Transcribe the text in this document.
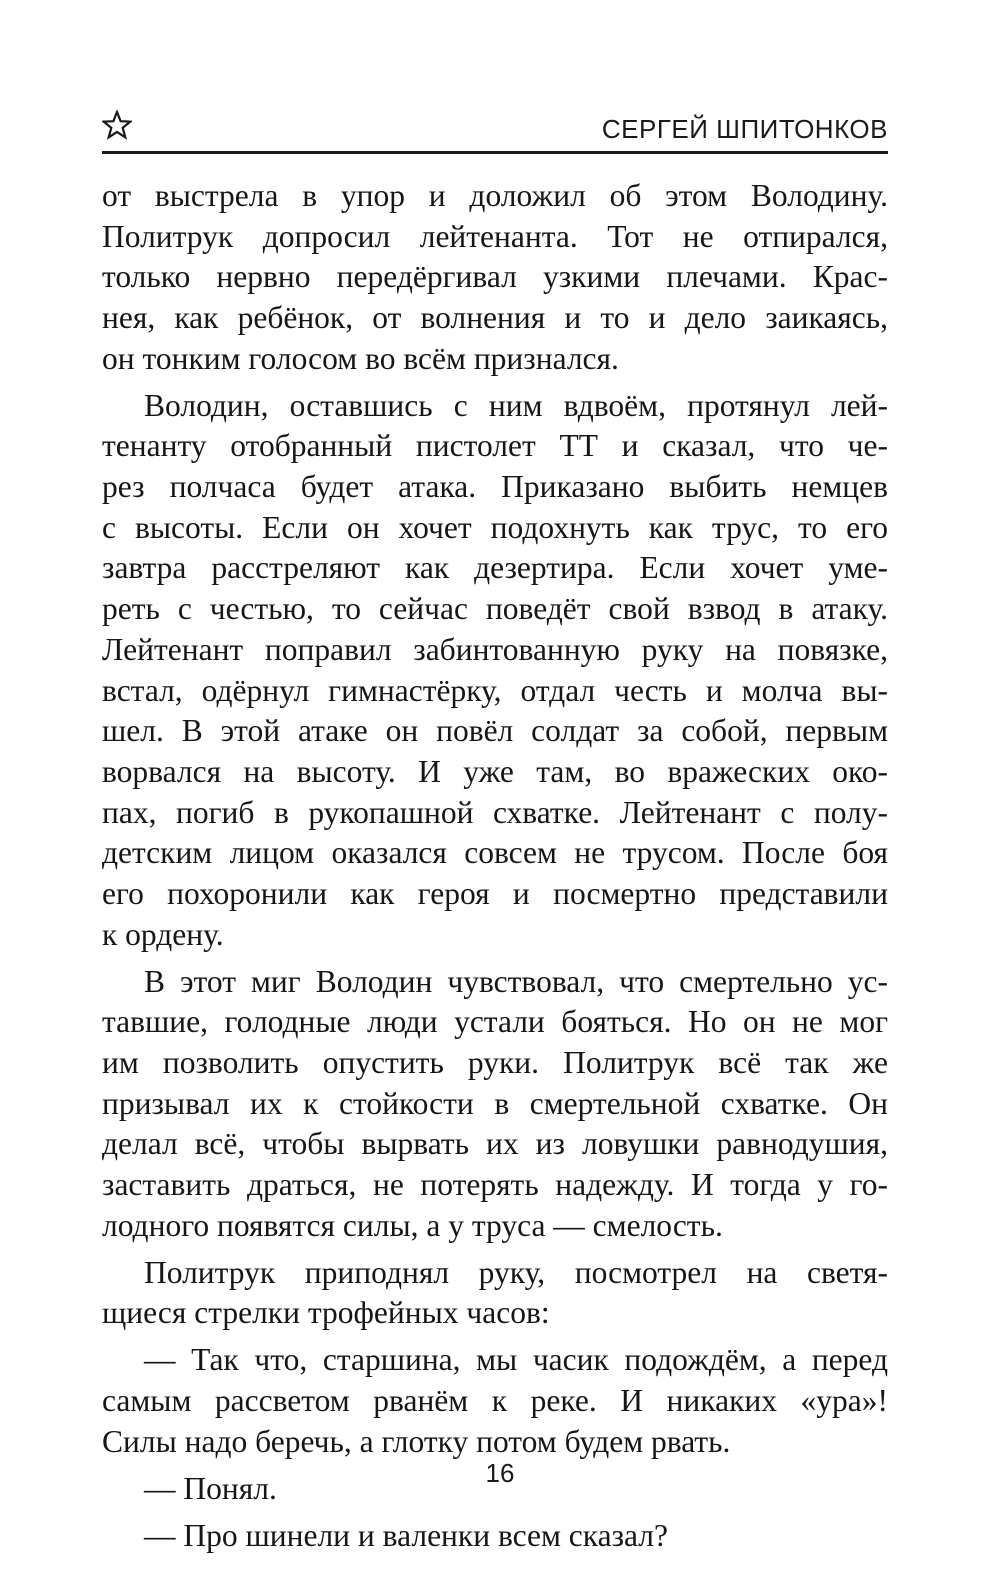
СЕРГЕЙ ШПИТОНКОВ
от выстрела в упор и доложил об этом Володину.
Политрук допросил лейтенанта. Тот не отпирался,
только нервно передёргивал узкими плечами. Крас-
нея, как ребёнок, от волнения и то и дело заикаясь,
он тонким голосом во всём признался.
Володин, оставшись с ним вдвоём, протянул лей-
тенанту отобранный пистолет ТТ и сказал, что че-
рез полчаса будет атака. Приказано выбить немцев
с высоты. Если он хочет подохнуть как трус, то его
завтра расстреляют как дезертира. Если хочет уме-
реть с честью, то сейчас поведёт свой взвод в атаку.
Лейтенант поправил забинтованную руку на повязке,
встал, одёрнул гимнастёрку, отдал честь и молча вы-
шел. В этой атаке он повёл солдат за собой, первым
ворвался на высоту. И уже там, во вражеских око-
пах, погиб в рукопашной схватке. Лейтенант с полу-
детским лицом оказался совсем не трусом. После боя
его похоронили как героя и посмертно представили
к ордену.
В этот миг Володин чувствовал, что смертельно ус-
тавшие, голодные люди устали бояться. Но он не мог
им позволить опустить руки. Политрук всё так же
призывал их к стойкости в смертельной схватке. Он
делал всё, чтобы вырвать их из ловушки равнодушия,
заставить драться, не потерять надежду. И тогда у го-
лодного появятся силы, а у труса — смелость.
Политрук приподнял руку, посмотрел на светя-
щиеся стрелки трофейных часов:
— Так что, старшина, мы часик подождём, а перед
самым рассветом рванём к реке. И никаких «ура»!
Силы надо беречь, а глотку потом будем рвать.
— Понял.
— Про шинели и валенки всем сказал?
16
